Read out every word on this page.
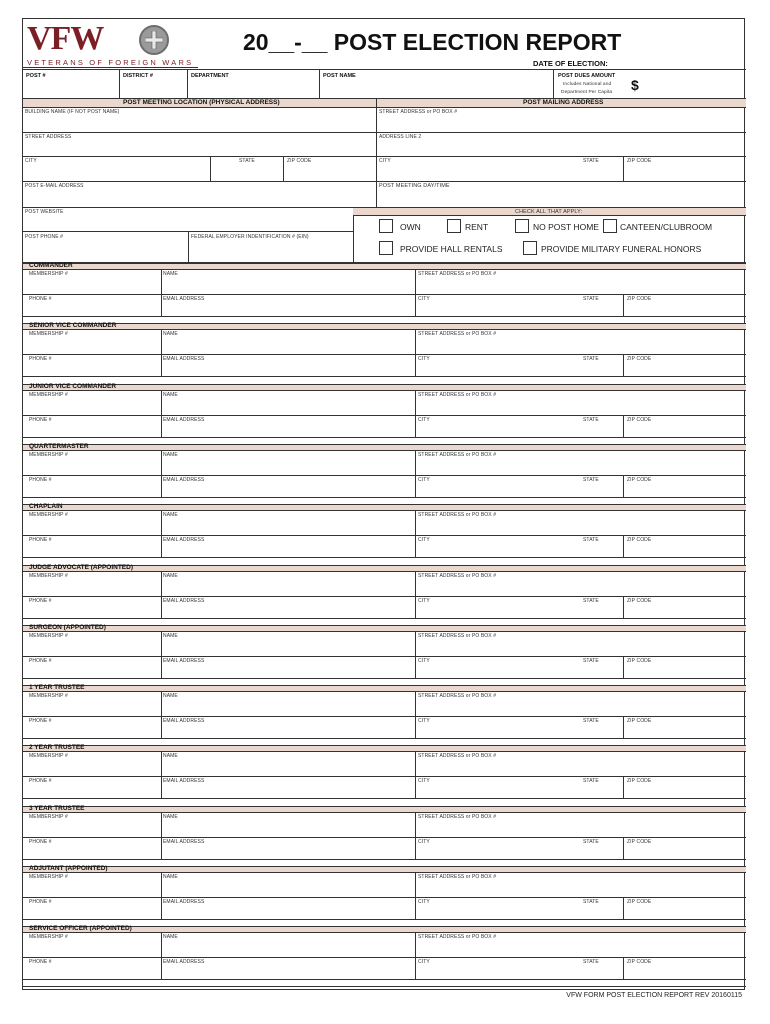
VFW
VETERANS OF FOREIGN WARS
20__-__ POST ELECTION REPORT
DATE OF ELECTION:
POST #	DISTRICT #	DEPARTMENT	POST NAME	POST DUES AMOUNT
Includes National and
Department Per Capita $
POST MEETING LOCATION (PHYSICAL ADDRESS)	POST MAILING ADDRESS
BUILDING NAME (IF NOT POST NAME)	STREET ADDRESS or PO BOX #
STREET ADDRESS	ADDRESS LINE 2
CITY	STATE	ZIP CODE	CITY	STATE	ZIP CODE
POST E-MAIL ADDRESS	POST MEETING DAY/TIME
POST WEBSITE	CHECK ALL THAT APPLY:
POST PHONE #	FEDERAL EMPLOYER INDENTIFICATION # (EIN)
OWN	RENT	NO POST HOME CANTEEN/CLUBROOM
PROVIDE HALL RENTALS	PROVIDE MILITARY FUNERAL HONORS
COMMANDER
MEMBERSHIP #	NAME	STREET ADDRESS or PO BOX #
PHONE #	EMAIL ADDRESS	CITY	STATE	ZIP CODE
SENIOR VICE COMMANDER
MEMBERSHIP #	NAME	STREET ADDRESS or PO BOX #
PHONE #	EMAIL ADDRESS	CITY	STATE	ZIP CODE
JUNIOR VICE COMMANDER
MEMBERSHIP #	NAME	STREET ADDRESS or PO BOX #
PHONE #	EMAIL ADDRESS	CITY	STATE	ZIP CODE
QUARTERMASTER
MEMBERSHIP #	NAME	STREET ADDRESS or PO BOX #
PHONE #	EMAIL ADDRESS	CITY	STATE	ZIP CODE
CHAPLAIN
MEMBERSHIP #	NAME	STREET ADDRESS or PO BOX #
PHONE #	EMAIL ADDRESS	CITY	STATE	ZIP CODE
JUDGE ADVOCATE (APPOINTED)
MEMBERSHIP #	NAME	STREET ADDRESS or PO BOX #
PHONE #	EMAIL ADDRESS	CITY	STATE	ZIP CODE
SURGEON (APPOINTED)
MEMBERSHIP #	NAME	STREET ADDRESS or PO BOX #
PHONE #	EMAIL ADDRESS	CITY	STATE	ZIP CODE
1 YEAR TRUSTEE
MEMBERSHIP #	NAME	STREET ADDRESS or PO BOX #
PHONE #	EMAIL ADDRESS	CITY	STATE	ZIP CODE
2 YEAR TRUSTEE
MEMBERSHIP #	NAME	STREET ADDRESS or PO BOX #
PHONE #	EMAIL ADDRESS	CITY	STATE	ZIP CODE
3 YEAR TRUSTEE
MEMBERSHIP #	NAME	STREET ADDRESS or PO BOX #
PHONE #	EMAIL ADDRESS	CITY	STATE	ZIP CODE
ADJUTANT (APPOINTED)
MEMBERSHIP #	NAME	STREET ADDRESS or PO BOX #
PHONE #	EMAIL ADDRESS	CITY	STATE	ZIP CODE
SERVICE OFFICER (APPOINTED)
MEMBERSHIP #	NAME	STREET ADDRESS or PO BOX #
PHONE #	EMAIL ADDRESS	CITY	STATE	ZIP CODE
VFW FORM POST ELECTION REPORT REV 20160115
